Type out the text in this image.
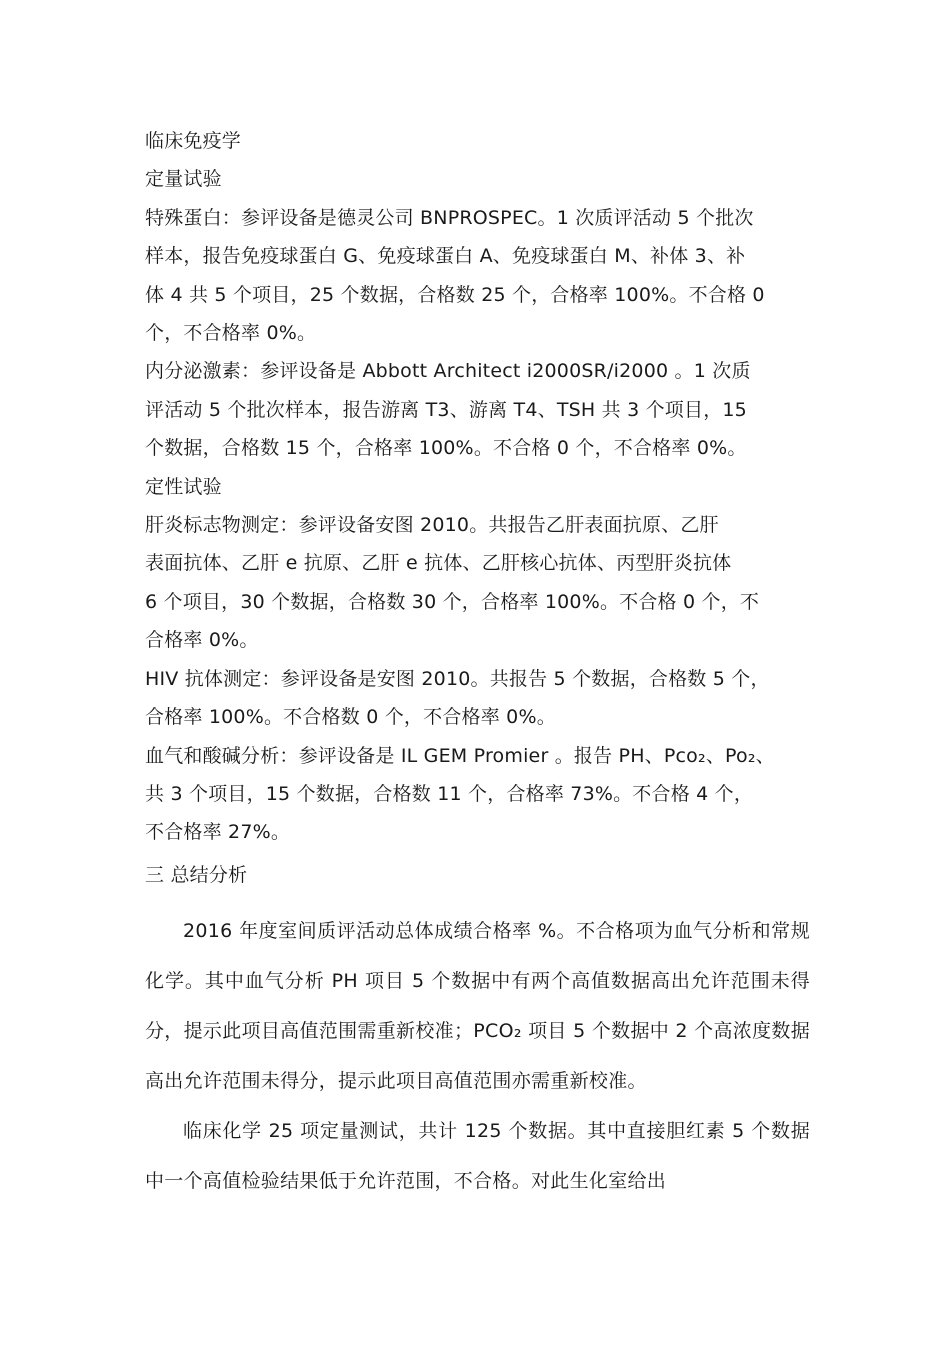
临床免疫学
定量试验
特殊蛋白：参评设备是德灵公司 BNPROSPEC。1 次质评活动 5 个批次
样本，报告免疫球蛋白 G、免疫球蛋白 A、免疫球蛋白 M、补体 3、补
体 4 共 5 个项目，25 个数据，合格数 25 个，合格率 100%。不合格 0
个，不合格率 0%。
内分泌激素：参评设备是 Abbott Architect i2000SR/i2000 。1 次质
评活动 5 个批次样本，报告游离 T3、游离 T4、TSH 共 3 个项目，15
个数据，合格数 15 个，合格率 100%。不合格 0 个，不合格率 0%。
定性试验
肝炎标志物测定：参评设备安图 2010。共报告乙肝表面抗原、乙肝
表面抗体、乙肝 e 抗原、乙肝 e 抗体、乙肝核心抗体、丙型肝炎抗体
6 个项目，30 个数据，合格数 30 个，合格率 100%。不合格 0 个，不
合格率 0%。
HIV 抗体测定：参评设备是安图 2010。共报告 5 个数据，合格数 5 个，
合格率 100%。不合格数 0 个，不合格率 0%。
血气和酸碱分析：参评设备是 IL GEM Promier 。报告 PH、Pco₂、Po₂、
共 3 个项目，15 个数据，合格数 11 个，合格率 73%。不合格 4 个，
不合格率 27%。
三 总结分析

2016 年度室间质评活动总体成绩合格率 %。不合格项为血气分析和常规化学。其中血气分析 PH 项目 5 个数据中有两个高值数据高出允许范围未得分，提示此项目高值范围需重新校准；PCO₂ 项目 5 个数据中 2 个高浓度数据高出允许范围未得分，提示此项目高值范围亦需重新校准。

临床化学 25 项定量测试，共计 125 个数据。其中直接胆红素 5 个数据中一个高值检验结果低于允许范围，不合格。对此生化室给出
